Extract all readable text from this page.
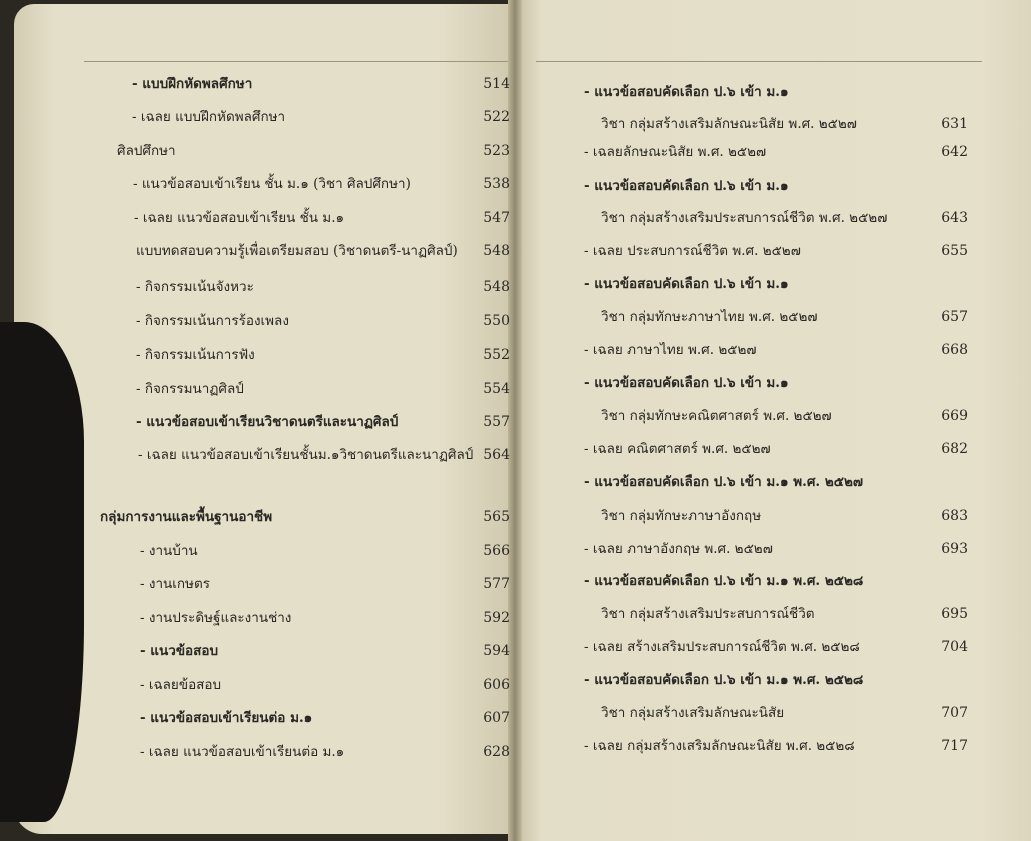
- แบบฝึกหัดพลศึกษา	514
- เฉลย แบบฝึกหัดพลศึกษา	522
ศิลปศึกษา	523
- แนวข้อสอบเข้าเรียน ชั้น ม.๑ (วิชา ศิลปศึกษา)	538
- เฉลย แนวข้อสอบเข้าเรียน ชั้น ม.๑	547
แบบทดสอบความรู้เพื่อเตรียมสอบ (วิชาดนตรี-นาฏศิลป์) 548
- กิจกรรมเน้นจังหวะ	548
- กิจกรรมเน้นการร้องเพลง	550
- กิจกรรมเน้นการฟัง	552
- กิจกรรมนาฏศิลป์	554
- แนวข้อสอบเข้าเรียนวิชาดนตรีและนาฏศิลป์	557
- เฉลย แนวข้อสอบเข้าเรียนชั้นม.๑วิชาดนตรีและนาฏศิลป์ 564
กลุ่มการงานและพื้นฐานอาชีพ	565
- งานบ้าน	566
- งานเกษตร	577
- งานประดิษฐ์และงานช่าง	592
- แนวข้อสอบ	594
- เฉลยข้อสอบ	606
- แนวข้อสอบเข้าเรียนต่อ ม.๑	607
- เฉลย แนวข้อสอบเข้าเรียนต่อ ม.๑	628
- แนวข้อสอบคัดเลือก ป.๖ เข้า ม.๑
วิชา กลุ่มสร้างเสริมลักษณะนิสัย พ.ศ. ๒๕๒๗	631
- เฉลยลักษณะนิสัย พ.ศ. ๒๕๒๗	642
- แนวข้อสอบคัดเลือก ป.๖ เข้า ม.๑
วิชา กลุ่มสร้างเสริมประสบการณ์ชีวิต พ.ศ. ๒๕๒๗	643
- เฉลย ประสบการณ์ชีวิต พ.ศ. ๒๕๒๗	655
- แนวข้อสอบคัดเลือก ป.๖ เข้า ม.๑
วิชา กลุ่มทักษะภาษาไทย พ.ศ. ๒๕๒๗	657
- เฉลย ภาษาไทย พ.ศ. ๒๕๒๗	668
- แนวข้อสอบคัดเลือก ป.๖ เข้า ม.๑
วิชา กลุ่มทักษะคณิตศาสตร์ พ.ศ. ๒๕๒๗	669
- เฉลย คณิตศาสตร์ พ.ศ. ๒๕๒๗	682
- แนวข้อสอบคัดเลือก ป.๖ เข้า ม.๑ พ.ศ. ๒๕๒๗
วิชา กลุ่มทักษะภาษาอังกฤษ	683
- เฉลย ภาษาอังกฤษ พ.ศ. ๒๕๒๗	693
- แนวข้อสอบคัดเลือก ป.๖ เข้า ม.๑ พ.ศ. ๒๕๒๘
วิชา กลุ่มสร้างเสริมประสบการณ์ชีวิต	695
- เฉลย สร้างเสริมประสบการณ์ชีวิต พ.ศ. ๒๕๒๘	704
- แนวข้อสอบคัดเลือก ป.๖ เข้า ม.๑ พ.ศ. ๒๕๒๘
วิชา กลุ่มสร้างเสริมลักษณะนิสัย	707
- เฉลย กลุ่มสร้างเสริมลักษณะนิสัย พ.ศ. ๒๕๒๘	717
